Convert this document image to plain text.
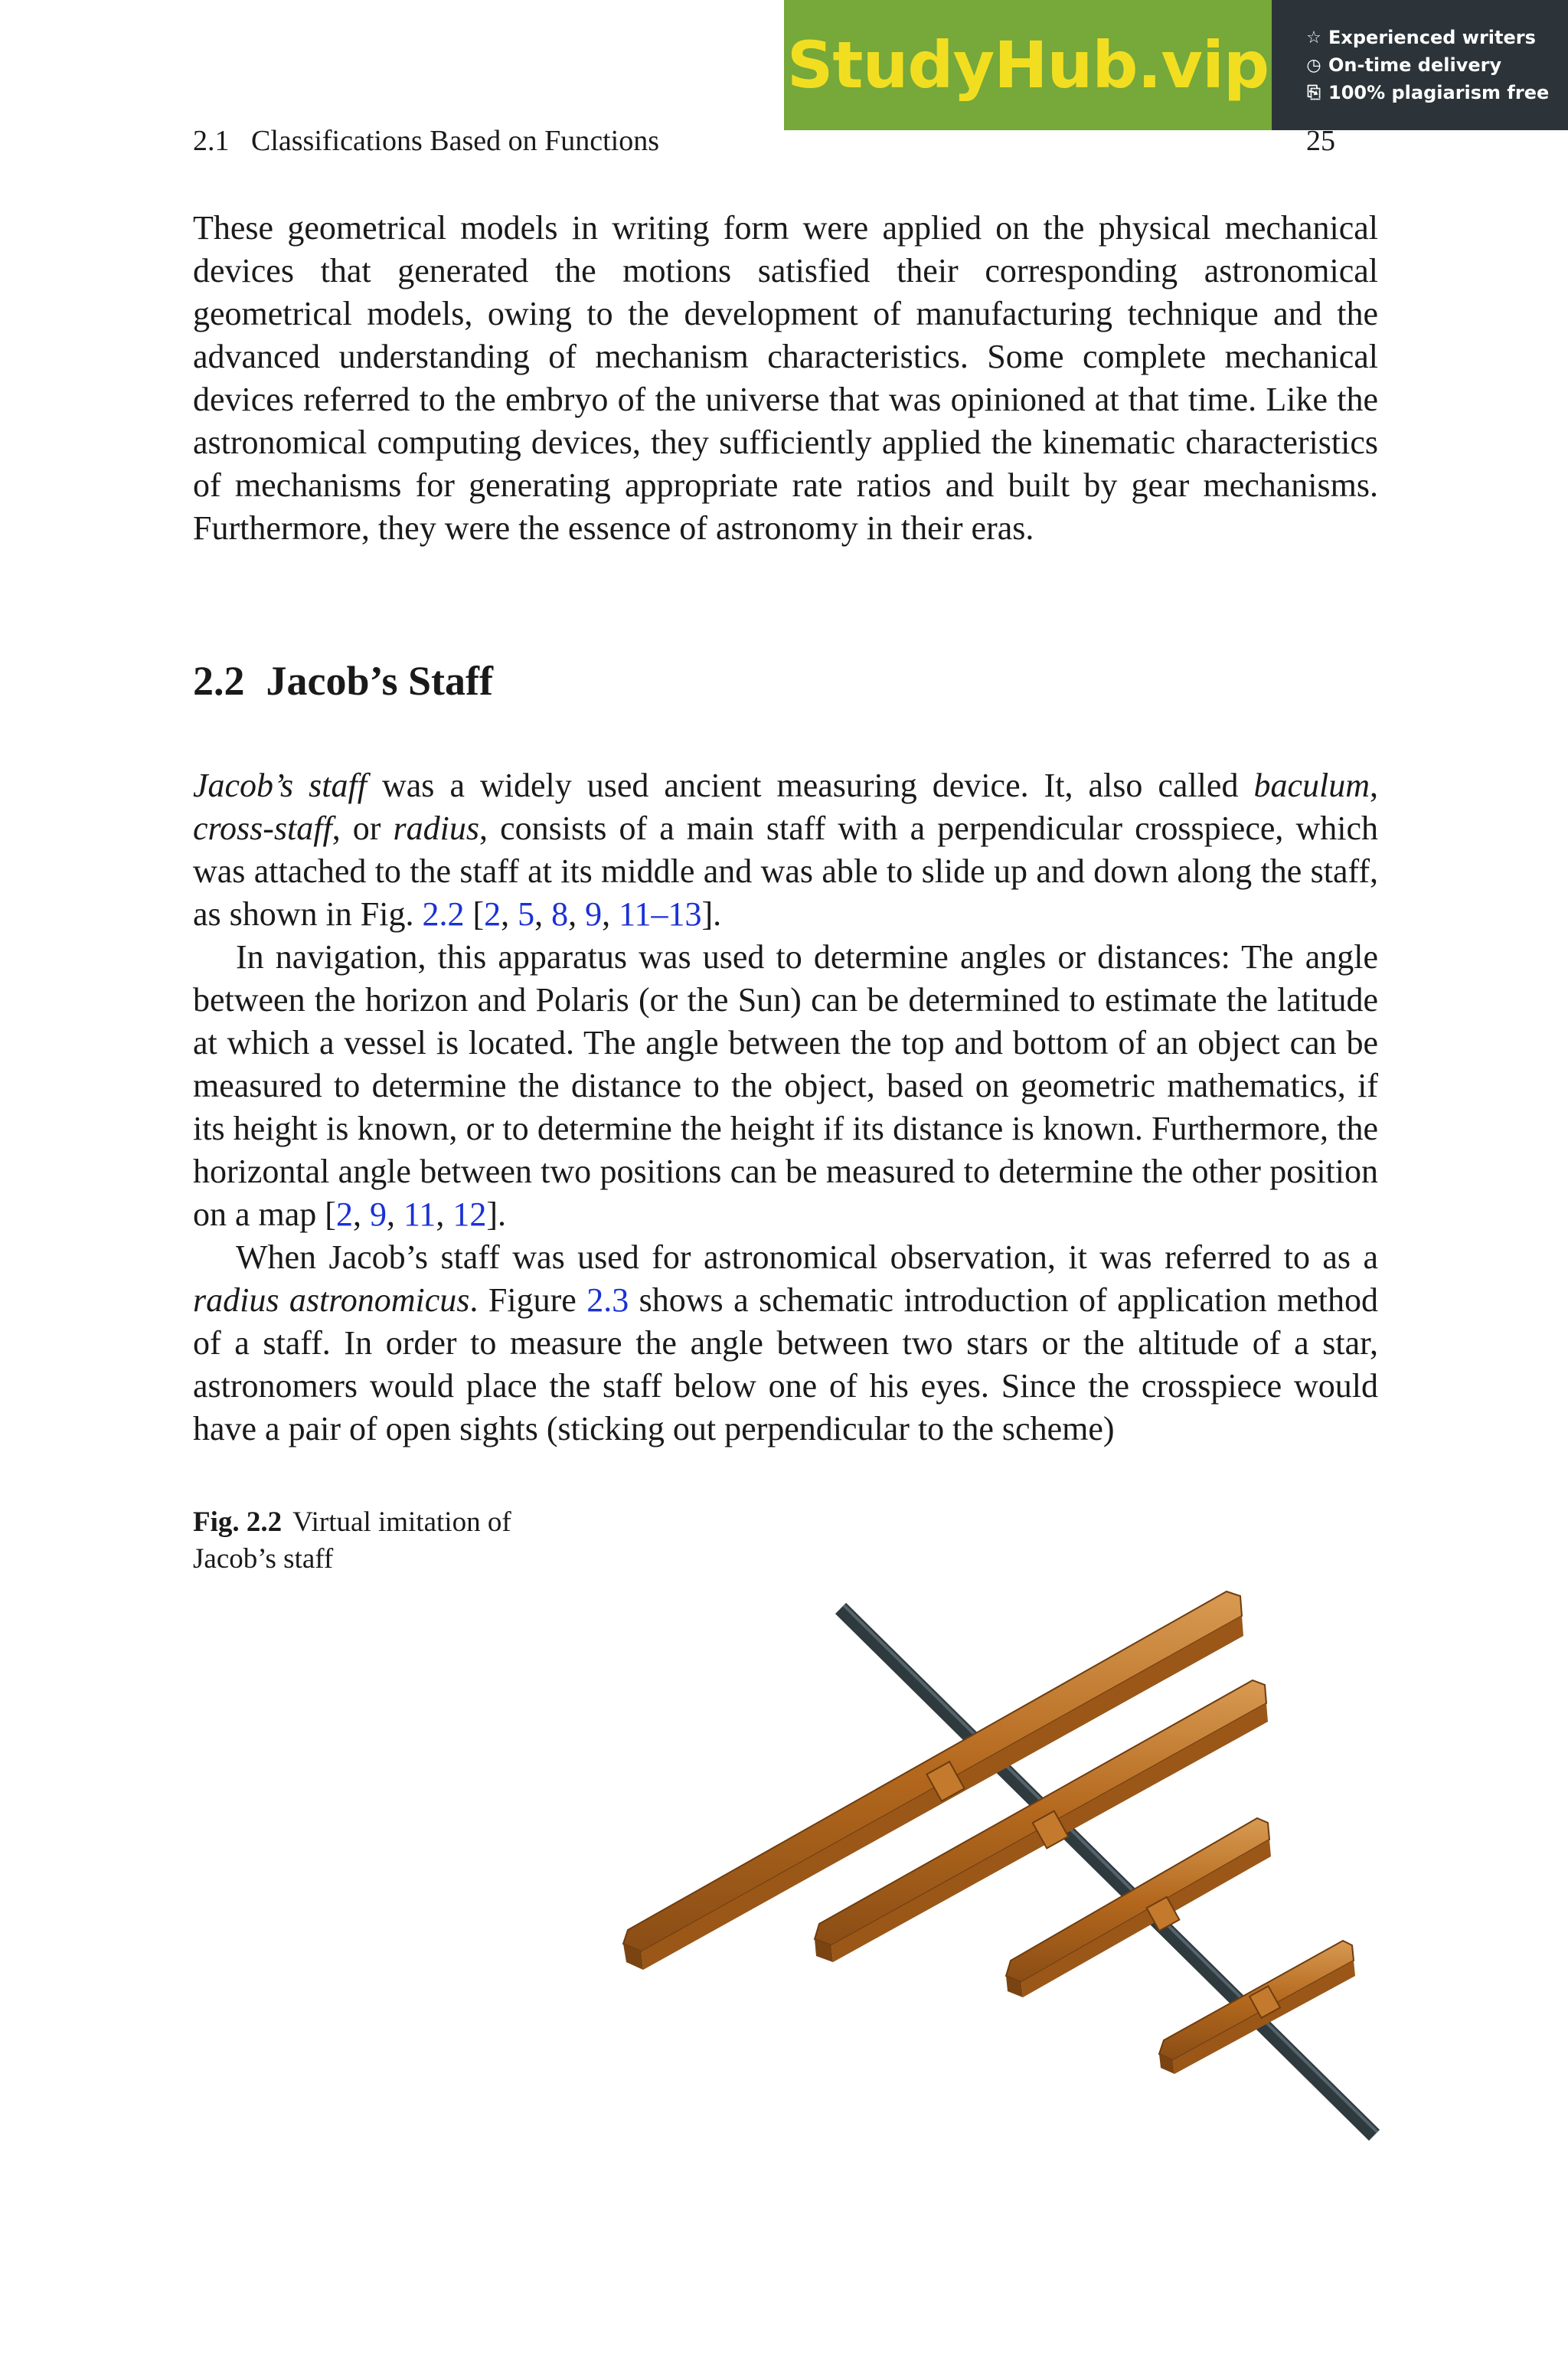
StudyHub.vip ☆ Experienced writers
◷ On-time delivery
⎘ 100% plagiarism free
2.1 Classifications Based on Functions	25

These geometrical models in writing form were applied on the physical mechanical devices that generated the motions satisfied their corresponding astronomical geometrical models, owing to the development of manufacturing technique and the advanced understanding of mechanism characteristics. Some complete mechanical devices referred to the embryo of the universe that was opinioned at that time. Like the astronomical computing devices, they sufficiently applied the kinematic characteristics of mechanisms for generating appropriate rate ratios and built by gear mechanisms. Furthermore, they were the essence of astronomy in their eras.

2.2 Jacob’s Staff

Jacob’s staff was a widely used ancient measuring device. It, also called baculum, cross-staff, or radius, consists of a main staff with a perpendicular crosspiece, which was attached to the staff at its middle and was able to slide up and down along the staff, as shown in Fig. 2.2 [2, 5, 8, 9, 11–13].

In navigation, this apparatus was used to determine angles or distances: The angle between the horizon and Polaris (or the Sun) can be determined to estimate the latitude at which a vessel is located. The angle between the top and bottom of an object can be measured to determine the distance to the object, based on geometric mathematics, if its height is known, or to determine the height if its distance is known. Furthermore, the horizontal angle between two positions can be measured to determine the other position on a map [2, 9, 11, 12].

When Jacob’s staff was used for astronomical observation, it was referred to as a radius astronomicus. Figure 2.3 shows a schematic introduction of application method of a staff. In order to measure the angle between two stars or the altitude of a star, astronomers would place the staff below one of his eyes. Since the crosspiece would have a pair of open sights (sticking out perpendicular to the scheme)

Fig. 2.2 Virtual imitation of Jacob’s staff
